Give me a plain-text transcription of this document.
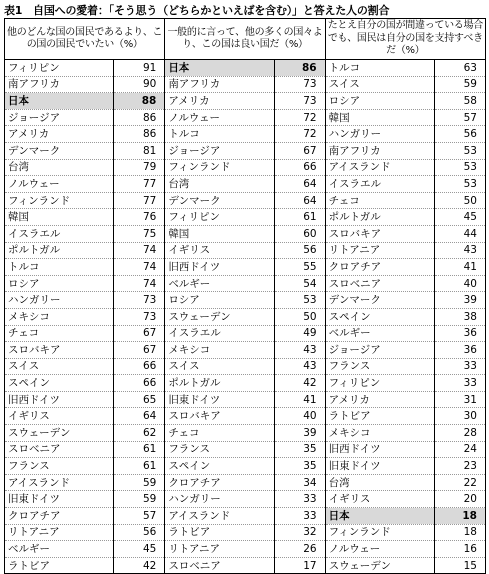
表1　自国への愛着：「そう思う（どちらかといえばを含む）」と答えた人の割合
他のどんな国の国民であるより、この国の国民でいたい（%）		一般的に言って、他の多くの国々より、この国は良い国だ（%）		たとえ自分の国が間違っている場合でも、国民は自分の国を支持すべきだ（%）	
フィリピン	91	日本	86	トルコ	63
南アフリカ	90	南アフリカ	73	スイス	59
日本	88	アメリカ	73	ロシア	58
ジョージア	86	ノルウェー	72	韓国	57
アメリカ	86	トルコ	72	ハンガリー	56
デンマーク	81	ジョージア	67	南アフリカ	53
台湾	79	フィンランド	66	アイスランド	53
ノルウェー	77	台湾	64	イスラエル	53
フィンランド	77	デンマーク	64	チェコ	50
韓国	76	フィリピン	61	ポルトガル	45
イスラエル	75	韓国	60	スロバキア	44
ポルトガル	74	イギリス	56	リトアニア	43
トルコ	74	旧西ドイツ	55	クロアチア	41
ロシア	74	ベルギー	54	スロベニア	40
ハンガリー	73	ロシア	53	デンマーク	39
メキシコ	73	スウェーデン	50	スペイン	38
チェコ	67	イスラエル	49	ベルギー	36
スロバキア	67	メキシコ	43	ジョージア	36
スイス	66	スイス	43	フランス	33
スペイン	66	ポルトガル	42	フィリピン	33
旧西ドイツ	65	旧東ドイツ	41	アメリカ	31
イギリス	64	スロバキア	40	ラトビア	30
スウェーデン	62	チェコ	39	メキシコ	28
スロベニア	61	フランス	35	旧西ドイツ	24
フランス	61	スペイン	35	旧東ドイツ	23
アイスランド	59	クロアチア	34	台湾	22
旧東ドイツ	59	ハンガリー	33	イギリス	20
クロアチア	57	アイスランド	33	日本	18
リトアニア	56	ラトビア	32	フィンランド	18
ベルギー	45	リトアニア	26	ノルウェー	16
ラトビア	42	スロベニア	17	スウェーデン	15
